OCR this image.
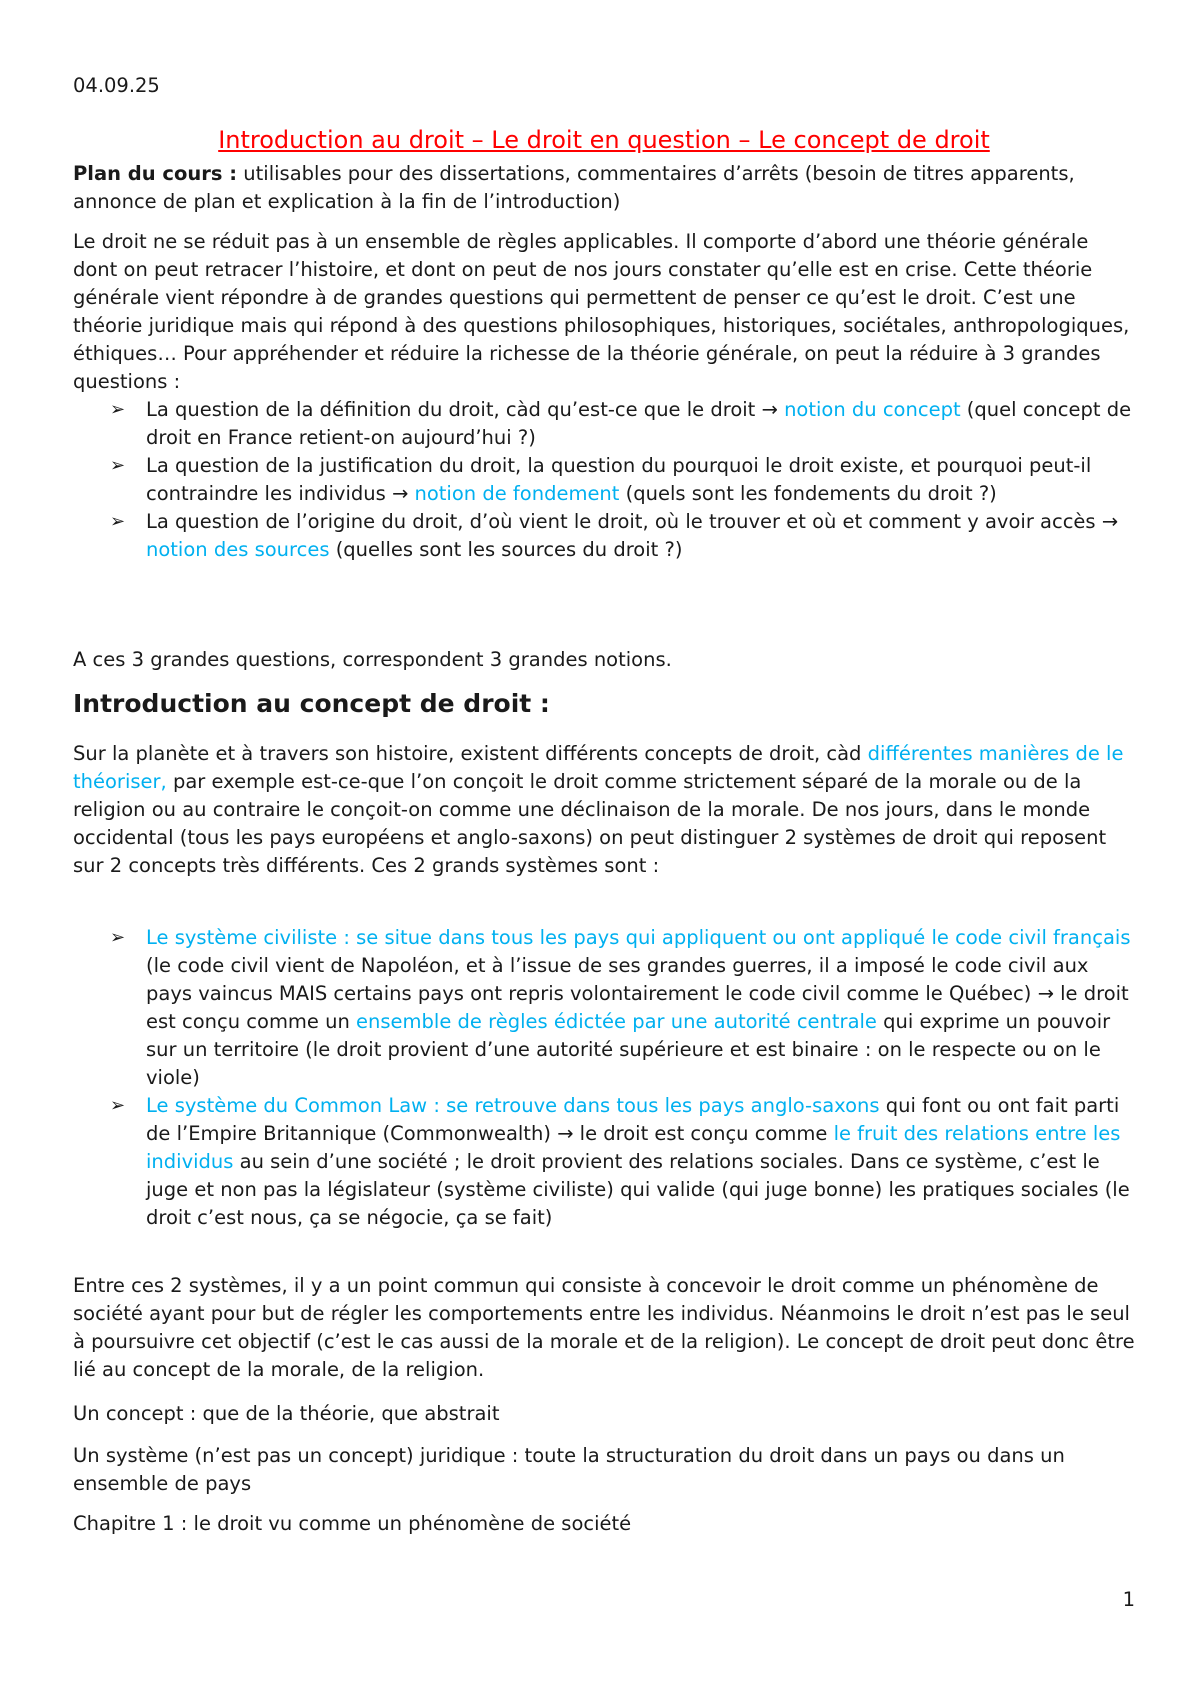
04.09.25

Introduction au droit – Le droit en question – Le concept de droit

Plan du cours : utilisables pour des dissertations, commentaires d’arrêts (besoin de titres apparents, annonce de plan et explication à la fin de l’introduction)

Le droit ne se réduit pas à un ensemble de règles applicables. Il comporte d’abord une théorie générale dont on peut retracer l’histoire, et dont on peut de nos jours constater qu’elle est en crise. Cette théorie générale vient répondre à de grandes questions qui permettent de penser ce qu’est le droit. C’est une théorie juridique mais qui répond à des questions philosophiques, historiques, sociétales, anthropologiques, éthiques… Pour appréhender et réduire la richesse de la théorie générale, on peut la réduire à 3 grandes questions :

➢ La question de la définition du droit, càd qu’est-ce que le droit → notion du concept (quel concept de droit en France retient-on aujourd’hui ?)
➢ La question de la justification du droit, la question du pourquoi le droit existe, et pourquoi peut-il contraindre les individus → notion de fondement (quels sont les fondements du droit ?)
➢ La question de l’origine du droit, d’où vient le droit, où le trouver et où et comment y avoir accès → notion des sources (quelles sont les sources du droit ?)

A ces 3 grandes questions, correspondent 3 grandes notions.

Introduction au concept de droit :

Sur la planète et à travers son histoire, existent différents concepts de droit, càd différentes manières de le théoriser, par exemple est-ce-que l’on conçoit le droit comme strictement séparé de la morale ou de la religion ou au contraire le conçoit-on comme une déclinaison de la morale. De nos jours, dans le monde occidental (tous les pays européens et anglo-saxons) on peut distinguer 2 systèmes de droit qui reposent sur 2 concepts très différents. Ces 2 grands systèmes sont :

➢ Le système civiliste : se situe dans tous les pays qui appliquent ou ont appliqué le code civil français (le code civil vient de Napoléon, et à l’issue de ses grandes guerres, il a imposé le code civil aux pays vaincus MAIS certains pays ont repris volontairement le code civil comme le Québec) → le droit est conçu comme un ensemble de règles édictée par une autorité centrale qui exprime un pouvoir sur un territoire (le droit provient d’une autorité supérieure et est binaire : on le respecte ou on le viole)
➢ Le système du Common Law : se retrouve dans tous les pays anglo-saxons qui font ou ont fait parti de l’Empire Britannique (Commonwealth) → le droit est conçu comme le fruit des relations entre les individus au sein d’une société ; le droit provient des relations sociales. Dans ce système, c’est le juge et non pas la législateur (système civiliste) qui valide (qui juge bonne) les pratiques sociales (le droit c’est nous, ça se négocie, ça se fait)

Entre ces 2 systèmes, il y a un point commun qui consiste à concevoir le droit comme un phénomène de société ayant pour but de régler les comportements entre les individus. Néanmoins le droit n’est pas le seul à poursuivre cet objectif (c’est le cas aussi de la morale et de la religion). Le concept de droit peut donc être lié au concept de la morale, de la religion.

Un concept : que de la théorie, que abstrait

Un système (n’est pas un concept) juridique : toute la structuration du droit dans un pays ou dans un ensemble de pays

Chapitre 1 : le droit vu comme un phénomène de société

1
